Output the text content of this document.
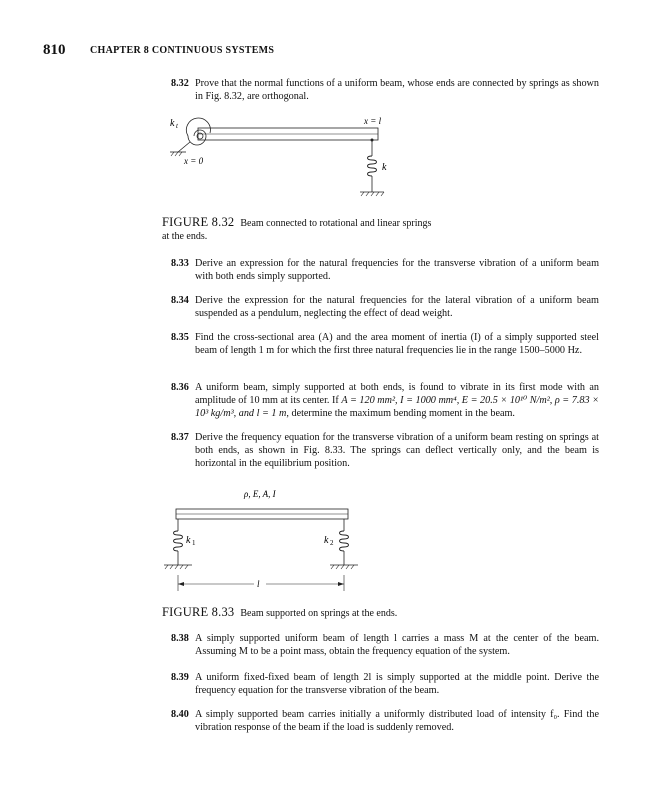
810 CHAPTER 8 CONTINUOUS SYSTEMS
8.32 Prove that the normal functions of a uniform beam, whose ends are connected by springs as shown in Fig. 8.32, are orthogonal.
k t
x = 0
x = l
k
FIGURE 8.32 Beam connected to rotational and linear springs at the ends.
8.33 Derive an expression for the natural frequencies for the transverse vibration of a uniform beam with both ends simply supported.
8.34 Derive the expression for the natural frequencies for the lateral vibration of a uniform beam suspended as a pendulum, neglecting the effect of dead weight.
8.35 Find the cross-sectional area (A) and the area moment of inertia (I) of a simply supported steel beam of length 1 m for which the first three natural frequencies lie in the range 1500–5000 Hz.
8.36 A uniform beam, simply supported at both ends, is found to vibrate in its first mode with an amplitude of 10 mm at its center. If A = 120 mm², I = 1000 mm⁴, E = 20.5 × 10¹⁰ N/m², ρ = 7.83 × 10³ kg/m³, and l = 1 m, determine the maximum bending moment in the beam.
8.37 Derive the frequency equation for the transverse vibration of a uniform beam resting on springs at both ends, as shown in Fig. 8.33. The springs can deflect vertically only, and the beam is horizontal in the equilibrium position.
ρ, E, A, I
k 1	k 2
l
FIGURE 8.33 Beam supported on springs at the ends.
8.38 A simply supported uniform beam of length l carries a mass M at the center of the beam. Assuming M to be a point mass, obtain the frequency equation of the system.
8.39 A uniform fixed-fixed beam of length 2l is simply supported at the middle point. Derive the frequency equation for the transverse vibration of the beam.
8.40 A simply supported beam carries initially a uniformly distributed load of intensity f₀. Find the vibration response of the beam if the load is suddenly removed.
